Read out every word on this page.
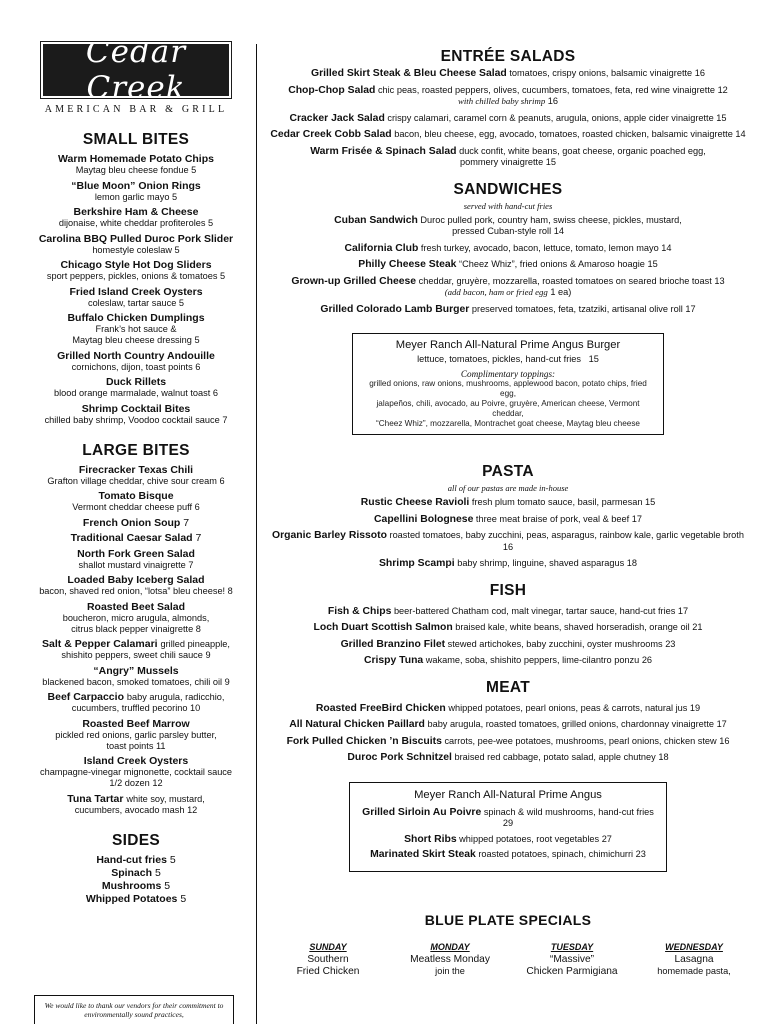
Cedar Creek
AMERICAN BAR & GRILL
SMALL BITES
Warm Homemade Potato Chips
Maytag bleu cheese fondue 5
“Blue Moon” Onion Rings
lemon garlic mayo 5
Berkshire Ham & Cheese
dijonaise, white cheddar profiteroles 5
Carolina BBQ Pulled Duroc Pork Slider
homestyle coleslaw 5
Chicago Style Hot Dog Sliders
sport peppers, pickles, onions & tomatoes 5
Fried Island Creek Oysters
coleslaw, tartar sauce 5
Buffalo Chicken Dumplings
Frank’s hot sauce &
Maytag bleu cheese dressing 5
Grilled North Country Andouille
cornichons, dijon, toast points 6
Duck Rillets
blood orange marmalade, walnut toast 6
Shrimp Cocktail Bites
chilled baby shrimp, Voodoo cocktail sauce 7
LARGE BITES
Firecracker Texas Chili
Grafton village cheddar, chive sour cream 6
Tomato Bisque
Vermont cheddar cheese puff 6
French Onion Soup 7
Traditional Caesar Salad 7
North Fork Green Salad
shallot mustard vinaigrette 7
Loaded Baby Iceberg Salad
bacon, shaved red onion, “lotsa” bleu cheese! 8
Roasted Beet Salad
boucheron, micro arugula, almonds,
citrus black pepper vinaigrette 8
Salt & Pepper Calamari grilled pineapple,
shishito peppers, sweet chili sauce 9
“Angry” Mussels
blackened bacon, smoked tomatoes, chili oil 9
Beef Carpaccio baby arugula, radicchio,
cucumbers, truffled pecorino 10
Roasted Beef Marrow
pickled red onions, garlic parsley butter,
toast points 11
Island Creek Oysters
champagne-vinegar mignonette, cocktail sauce
1/2 dozen 12
Tuna Tartar white soy, mustard,
cucumbers, avocado mash 12
SIDES
Hand-cut fries 5
Spinach 5
Mushrooms 5
Whipped Potatoes 5
We would like to thank our vendors for their commitment to environmentally sound practices,
ENTRÉE SALADS
Grilled Skirt Steak & Bleu Cheese Salad tomatoes, crispy onions, balsamic vinaigrette 16
Chop-Chop Salad chic peas, roasted peppers, olives, cucumbers, tomatoes, feta, red wine vinaigrette 12
with chilled baby shrimp 16
Cracker Jack Salad crispy calamari, caramel corn & peanuts, arugula, onions, apple cider vinaigrette 15
Cedar Creek Cobb Salad bacon, bleu cheese, egg, avocado, tomatoes, roasted chicken, balsamic vinaigrette 14
Warm Frisée & Spinach Salad duck confit, white beans, goat cheese, organic poached egg,
pommery vinaigrette 15
SANDWICHES
served with hand-cut fries
Cuban Sandwich Duroc pulled pork, country ham, swiss cheese, pickles, mustard,
pressed Cuban-style roll 14
California Club fresh turkey, avocado, bacon, lettuce, tomato, lemon mayo 14
Philly Cheese Steak “Cheez Whiz”, fried onions & Amaroso hoagie 15
Grown-up Grilled Cheese cheddar, gruyère, mozzarella, roasted tomatoes on seared brioche toast 13
(add bacon, ham or fried egg 1 ea)
Grilled Colorado Lamb Burger preserved tomatoes, feta, tzatziki, artisanal olive roll 17
Meyer Ranch All-Natural Prime Angus Burger
lettuce, tomatoes, pickles, hand-cut fries 15
Complimentary toppings:
grilled onions, raw onions, mushrooms, applewood bacon, potato chips, fried egg,
jalapeños, chili, avocado, au Poivre, gruyère, American cheese, Vermont cheddar,
“Cheez Whiz”, mozzarella, Montrachet goat cheese, Maytag bleu cheese
PASTA
all of our pastas are made in-house
Rustic Cheese Ravioli fresh plum tomato sauce, basil, parmesan 15
Capellini Bolognese three meat braise of pork, veal & beef 17
Organic Barley Rissoto roasted tomatoes, baby zucchini, peas, asparagus, rainbow kale, garlic vegetable broth 16
Shrimp Scampi baby shrimp, linguine, shaved asparagus 18
FISH
Fish & Chips beer-battered Chatham cod, malt vinegar, tartar sauce, hand-cut fries 17
Loch Duart Scottish Salmon braised kale, white beans, shaved horseradish, orange oil 21
Grilled Branzino Filet stewed artichokes, baby zucchini, oyster mushrooms 23
Crispy Tuna wakame, soba, shishito peppers, lime-cilantro ponzu 26
MEAT
Roasted FreeBird Chicken whipped potatoes, pearl onions, peas & carrots, natural jus 19
All Natural Chicken Paillard baby arugula, roasted tomatoes, grilled onions, chardonnay vinaigrette 17
Fork Pulled Chicken ’n Biscuits carrots, pee-wee potatoes, mushrooms, pearl onions, chicken stew 16
Duroc Pork Schnitzel braised red cabbage, potato salad, apple chutney 18
Meyer Ranch All-Natural Prime Angus
Grilled Sirloin Au Poivre spinach & wild mushrooms, hand-cut fries 29
Short Ribs whipped potatoes, root vegetables 27
Marinated Skirt Steak roasted potatoes, spinach, chimichurri 23
BLUE PLATE SPECIALS
SUNDAY
Southern
Fried Chicken
MONDAY
Meatless Monday
join the
TUESDAY
“Massive”
Chicken Parmigiana
WEDNESDAY
Lasagna
homemade pasta,
